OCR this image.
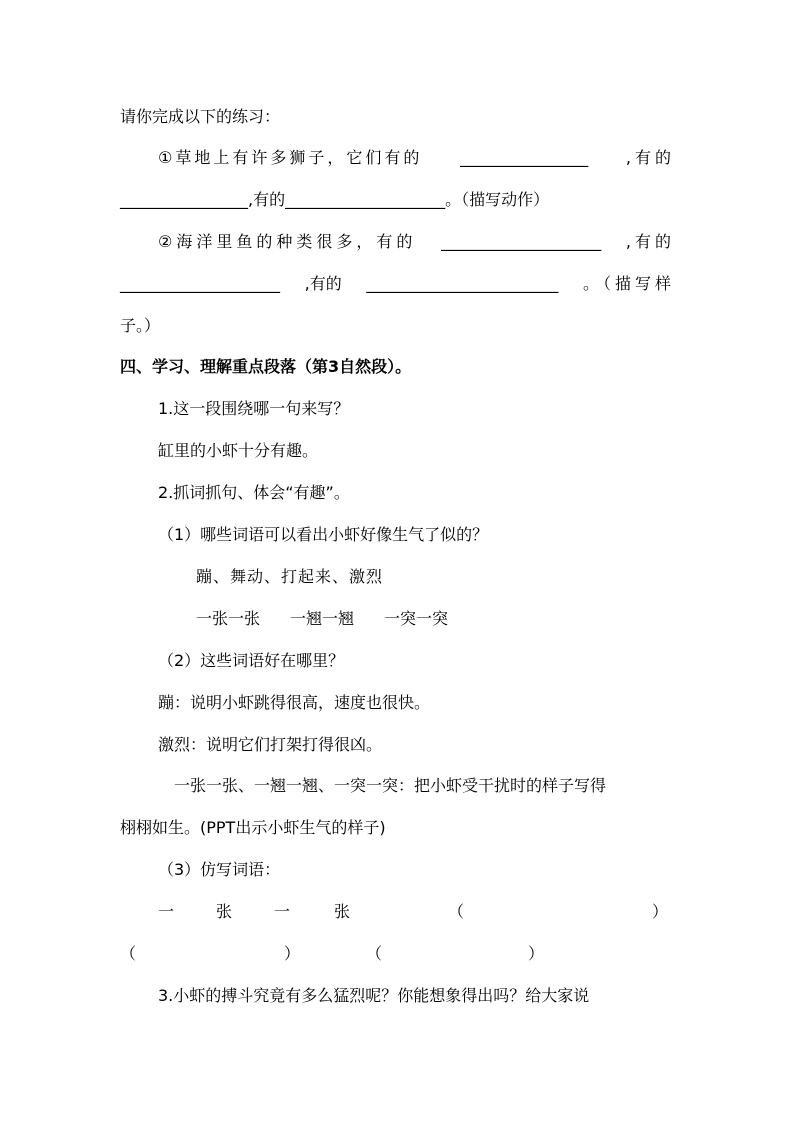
请你完成以下的练习：

①草地上有许多狮子，它们有的 ________________ ,有的

________________,有的____________________。（描写动作）

②海洋里鱼的种类很多，有的 ____________________ ,有的
____________________ ,有的 ________________________ 。（描写样

子。）

四、学习、理解重点段落（第3自然段）。

1.这一段围绕哪一句来写？

缸里的小虾十分有趣。

2.抓词抓句、体会“有趣”。

（1）哪些词语可以看出小虾好像生气了似的？

蹦、舞动、打起来、激烈

一张一张 一翘一翘 一突一突

（2）这些词语好在哪里？

蹦：说明小虾跳得很高，速度也很快。

激烈：说明它们打架打得很凶。

一张一张、一翘一翘、一突一突：把小虾受干扰时的样子写得

栩栩如生。(PPT出示小虾生气的样子)

（3）仿写词语：

一	张	一	张	（	）
（	）	（	）

3.小虾的搏斗究竟有多么猛烈呢？你能想象得出吗？给大家说
